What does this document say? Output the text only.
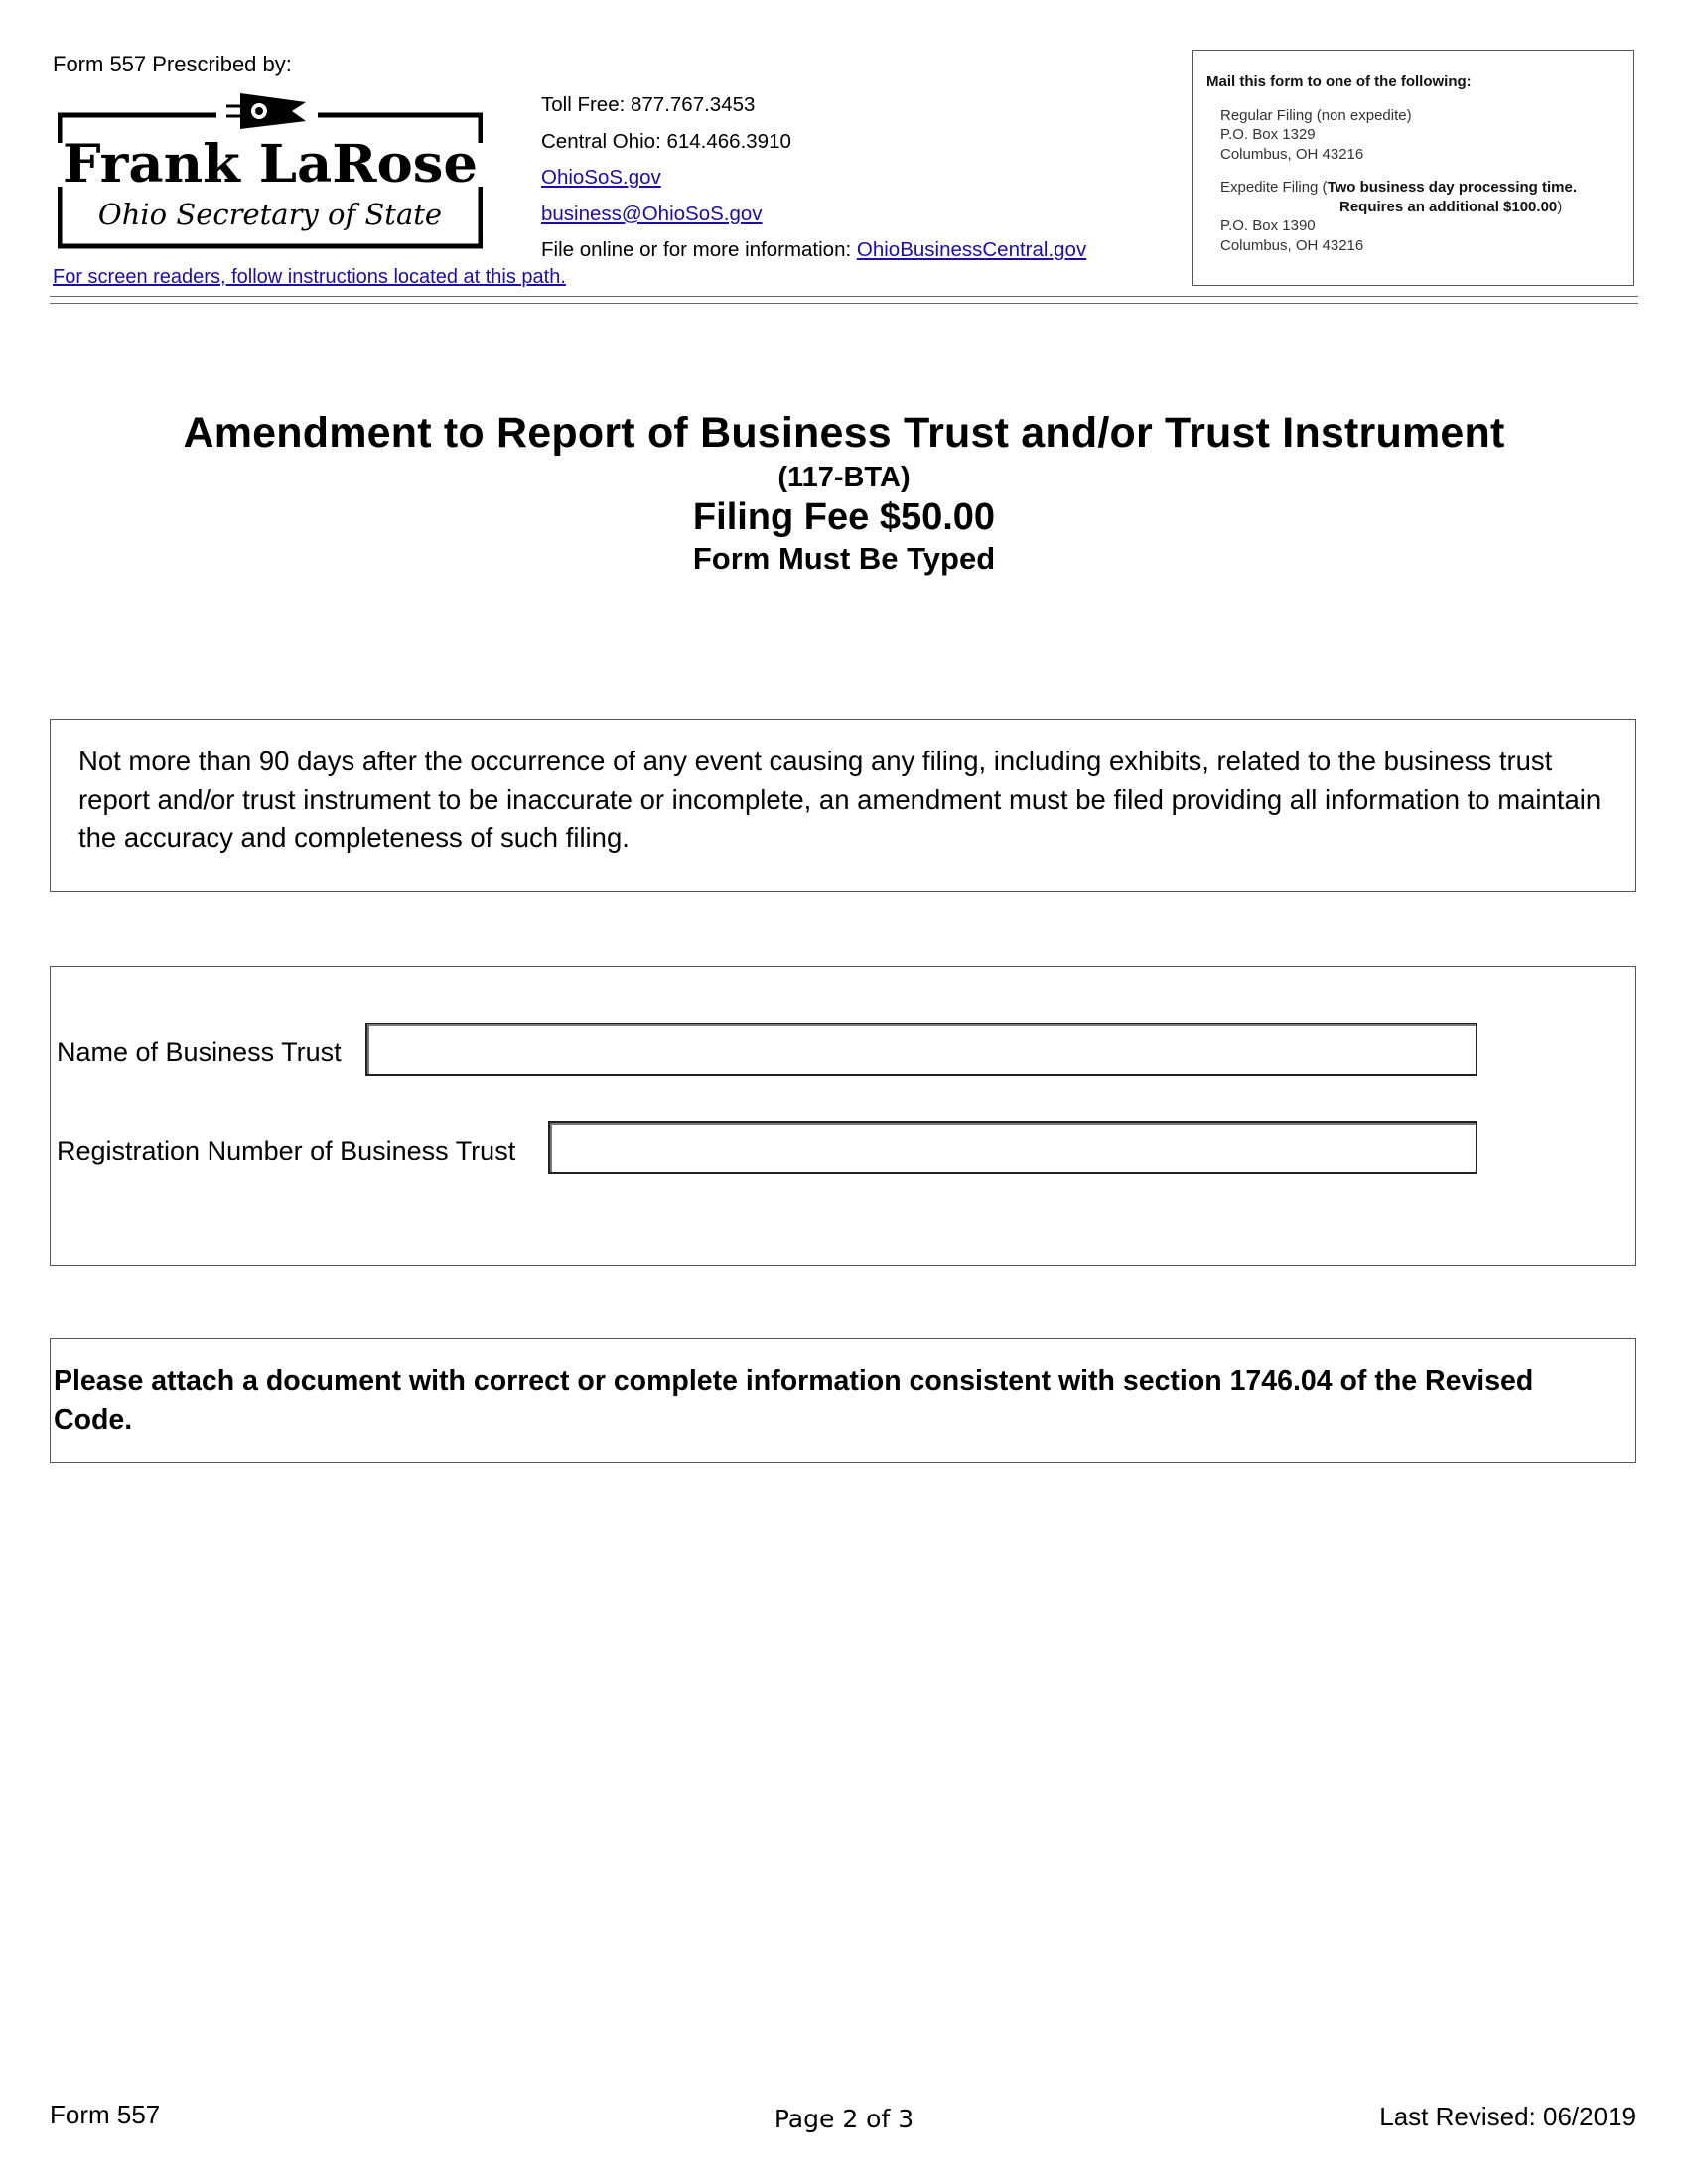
Form 557 Prescribed by:
Frank LaRose
Ohio Secretary of State
For screen readers, follow instructions located at this path.
Toll Free: 877.767.3453
Central Ohio: 614.466.3910
OhioSoS.gov
business@OhioSoS.gov
File online or for more information: OhioBusinessCentral.gov
Mail this form to one of the following:
Regular Filing (non expedite)
P.O. Box 1329
Columbus, OH 43216
Expedite Filing (Two business day processing time.
Requires an additional $100.00)
P.O. Box 1390
Columbus, OH 43216
Amendment to Report of Business Trust and/or Trust Instrument
(117-BTA)
Filing Fee $50.00
Form Must Be Typed
Not more than 90 days after the occurrence of any event causing any filing, including exhibits, related to the business trust report and/or trust instrument to be inaccurate or incomplete, an amendment must be filed providing all information to maintain the accuracy and completeness of such filing.
Name of Business Trust
Registration Number of Business Trust
Please attach a document with correct or complete information consistent with section 1746.04 of the Revised Code.
Form 557	Page 2 of 3	Last Revised: 06/2019
